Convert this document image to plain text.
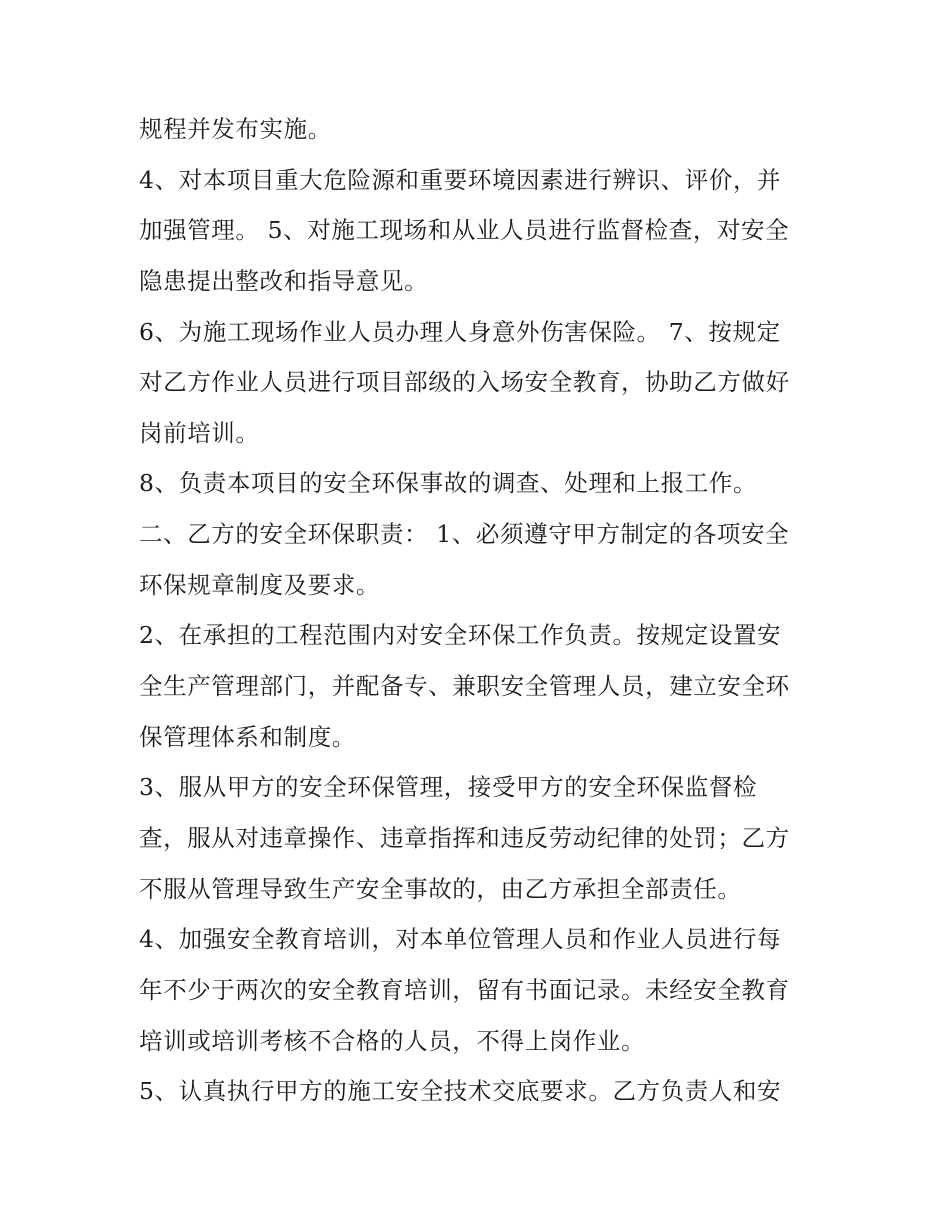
规程并发布实施。
4、对本项目重大危险源和重要环境因素进行辨识、评价，并
加强管理。 5、对施工现场和从业人员进行监督检查，对安全
隐患提出整改和指导意见。
6、为施工现场作业人员办理人身意外伤害保险。 7、按规定
对乙方作业人员进行项目部级的入场安全教育，协助乙方做好
岗前培训。
8、负责本项目的安全环保事故的调查、处理和上报工作。
二、乙方的安全环保职责： 1、必须遵守甲方制定的各项安全
环保规章制度及要求。
2、在承担的工程范围内对安全环保工作负责。按规定设置安
全生产管理部门，并配备专、兼职安全管理人员，建立安全环
保管理体系和制度。
3、服从甲方的安全环保管理，接受甲方的安全环保监督检
查，服从对违章操作、违章指挥和违反劳动纪律的处罚；乙方
不服从管理导致生产安全事故的，由乙方承担全部责任。
4、加强安全教育培训，对本单位管理人员和作业人员进行每
年不少于两次的安全教育培训，留有书面记录。未经安全教育
培训或培训考核不合格的人员，不得上岗作业。
5、认真执行甲方的施工安全技术交底要求。乙方负责人和安
